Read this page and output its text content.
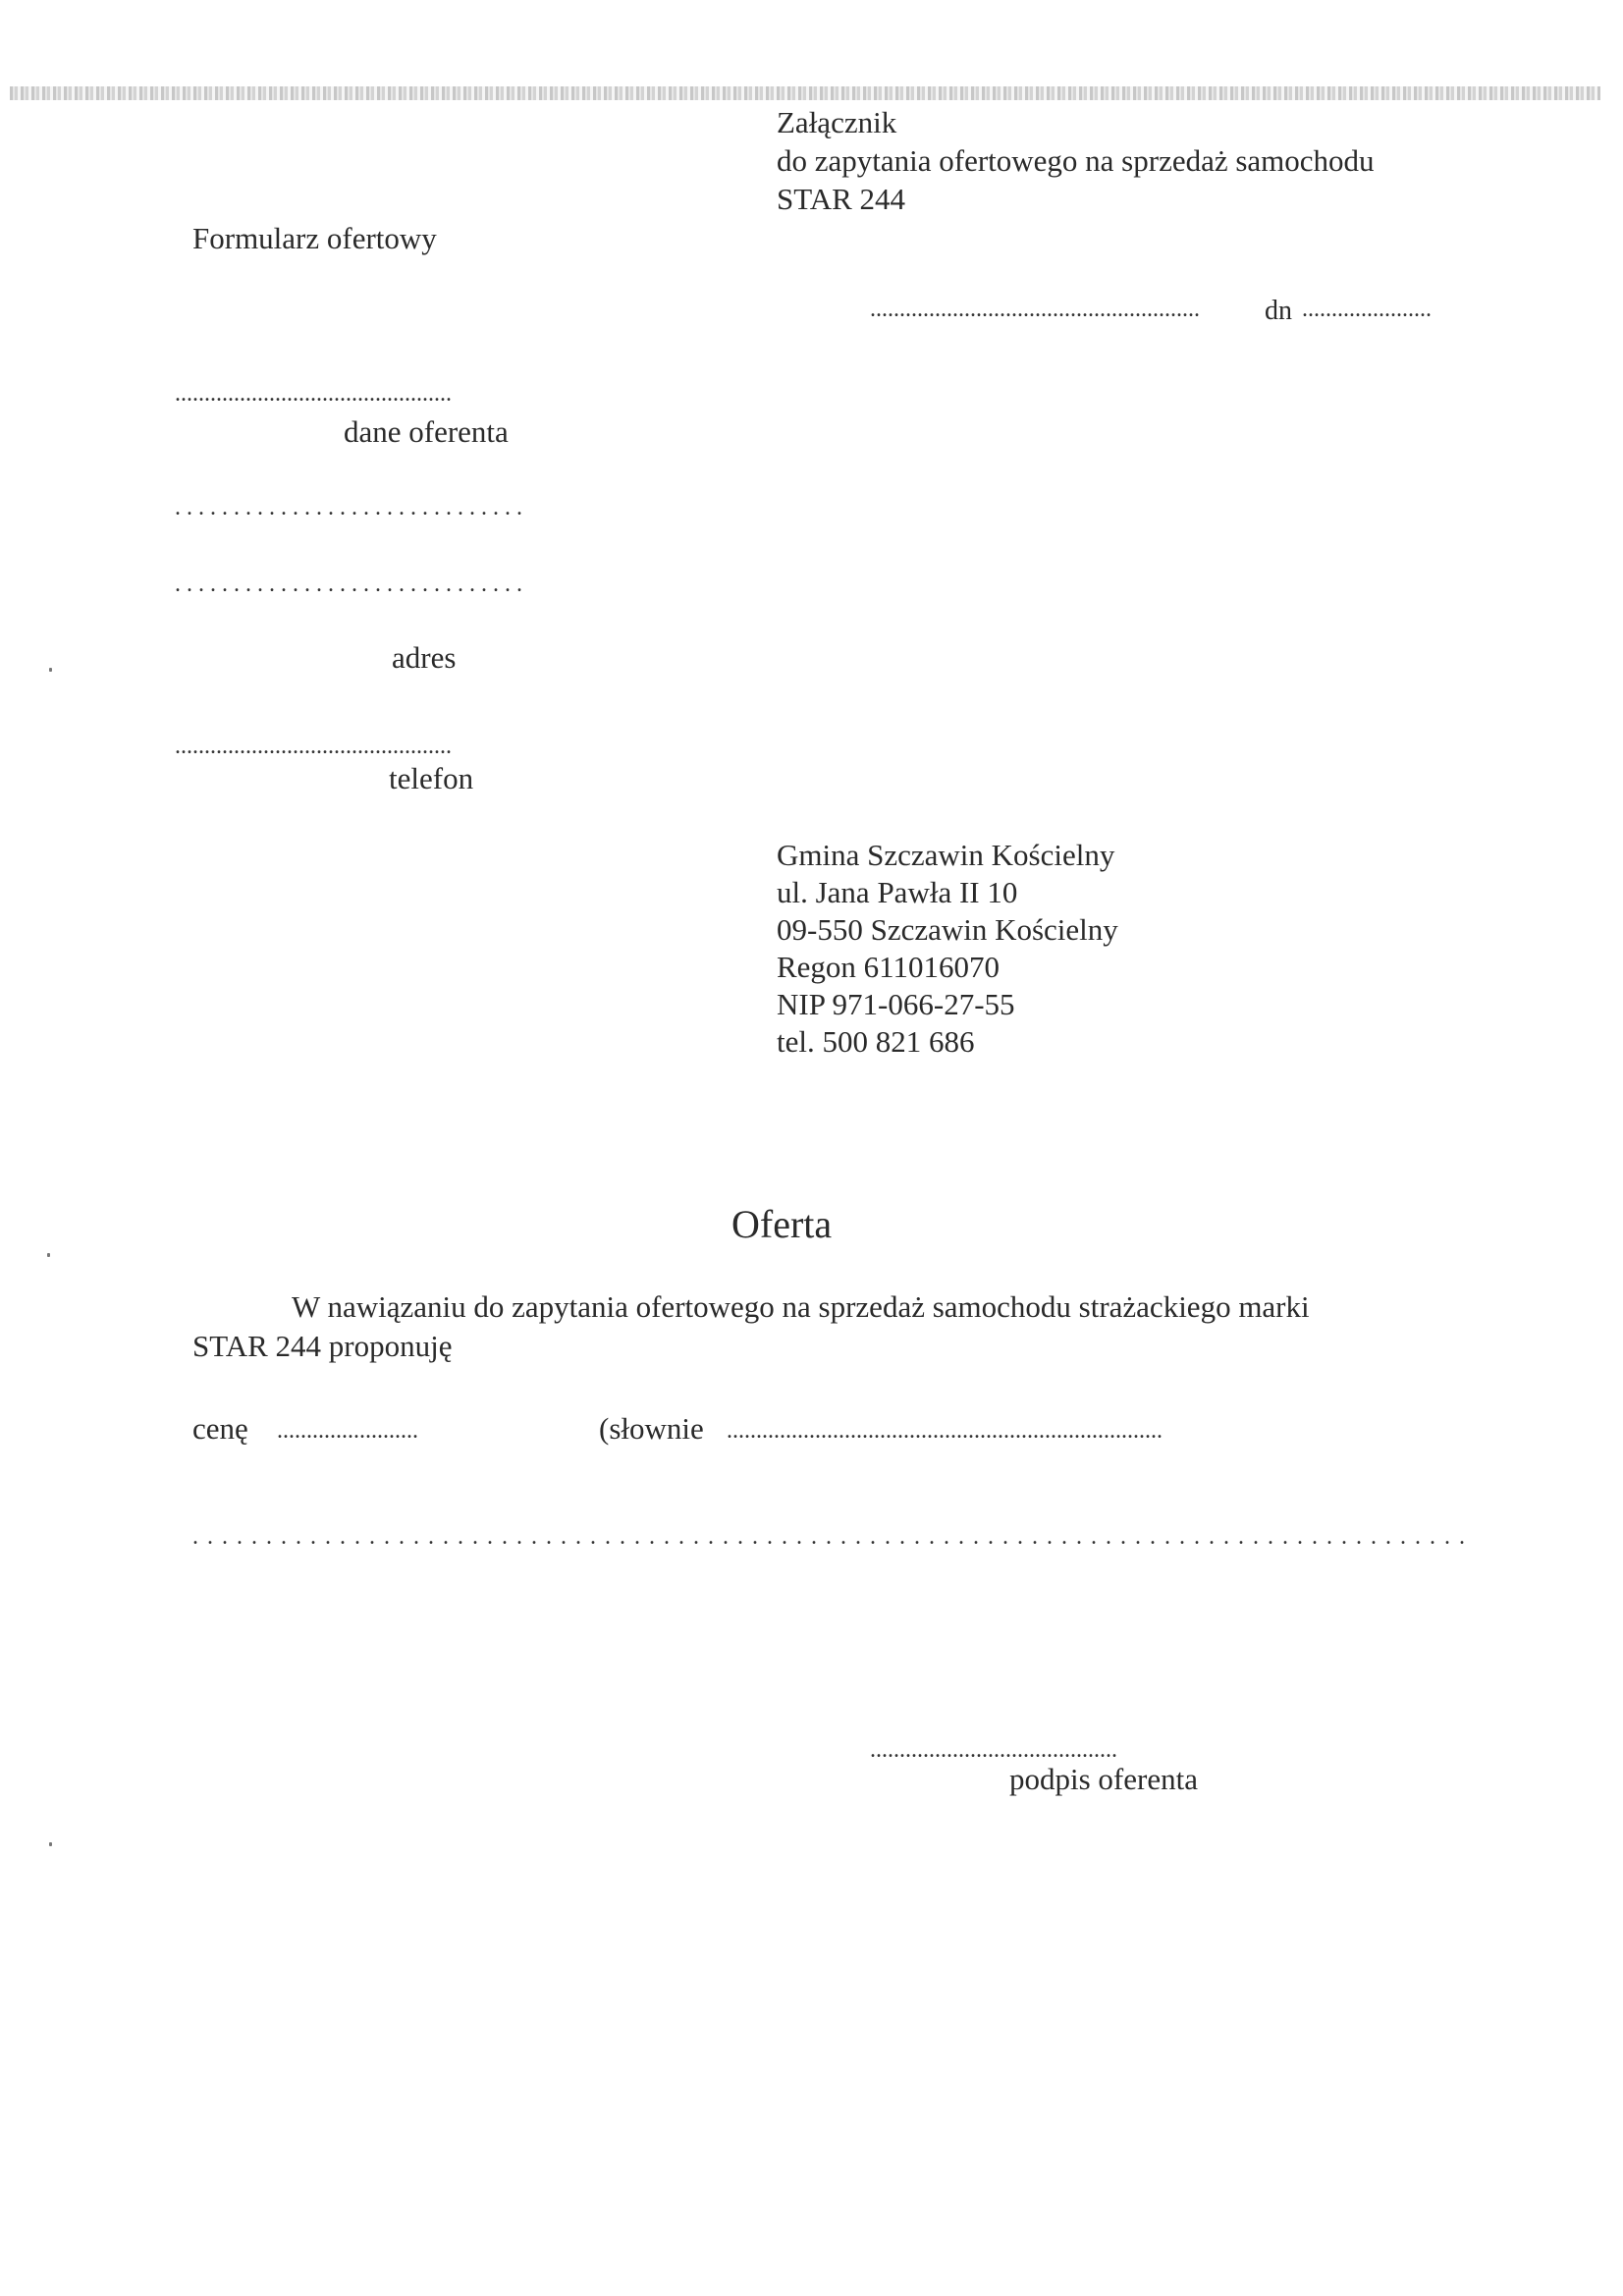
Załącznik
do zapytania ofertowego na sprzedaż samochodu
STAR 244
Formularz ofertowy
........................................................	dn ......................
...............................................
dane oferenta
..............................
..............................
adres
...............................................
telefon
Gmina Szczawin Kościelny
ul. Jana Pawła II 10
09-550 Szczawin Kościelny
Regon 611016070
NIP 971-066-27-55
tel. 500 821 686
Oferta
W nawiązaniu do zapytania ofertowego na sprzedaż samochodu strażackiego marki
STAR 244 proponuję
cenę ........................	(słownie ..........................................................................
.......................................................................................
..........................................
podpis oferenta
